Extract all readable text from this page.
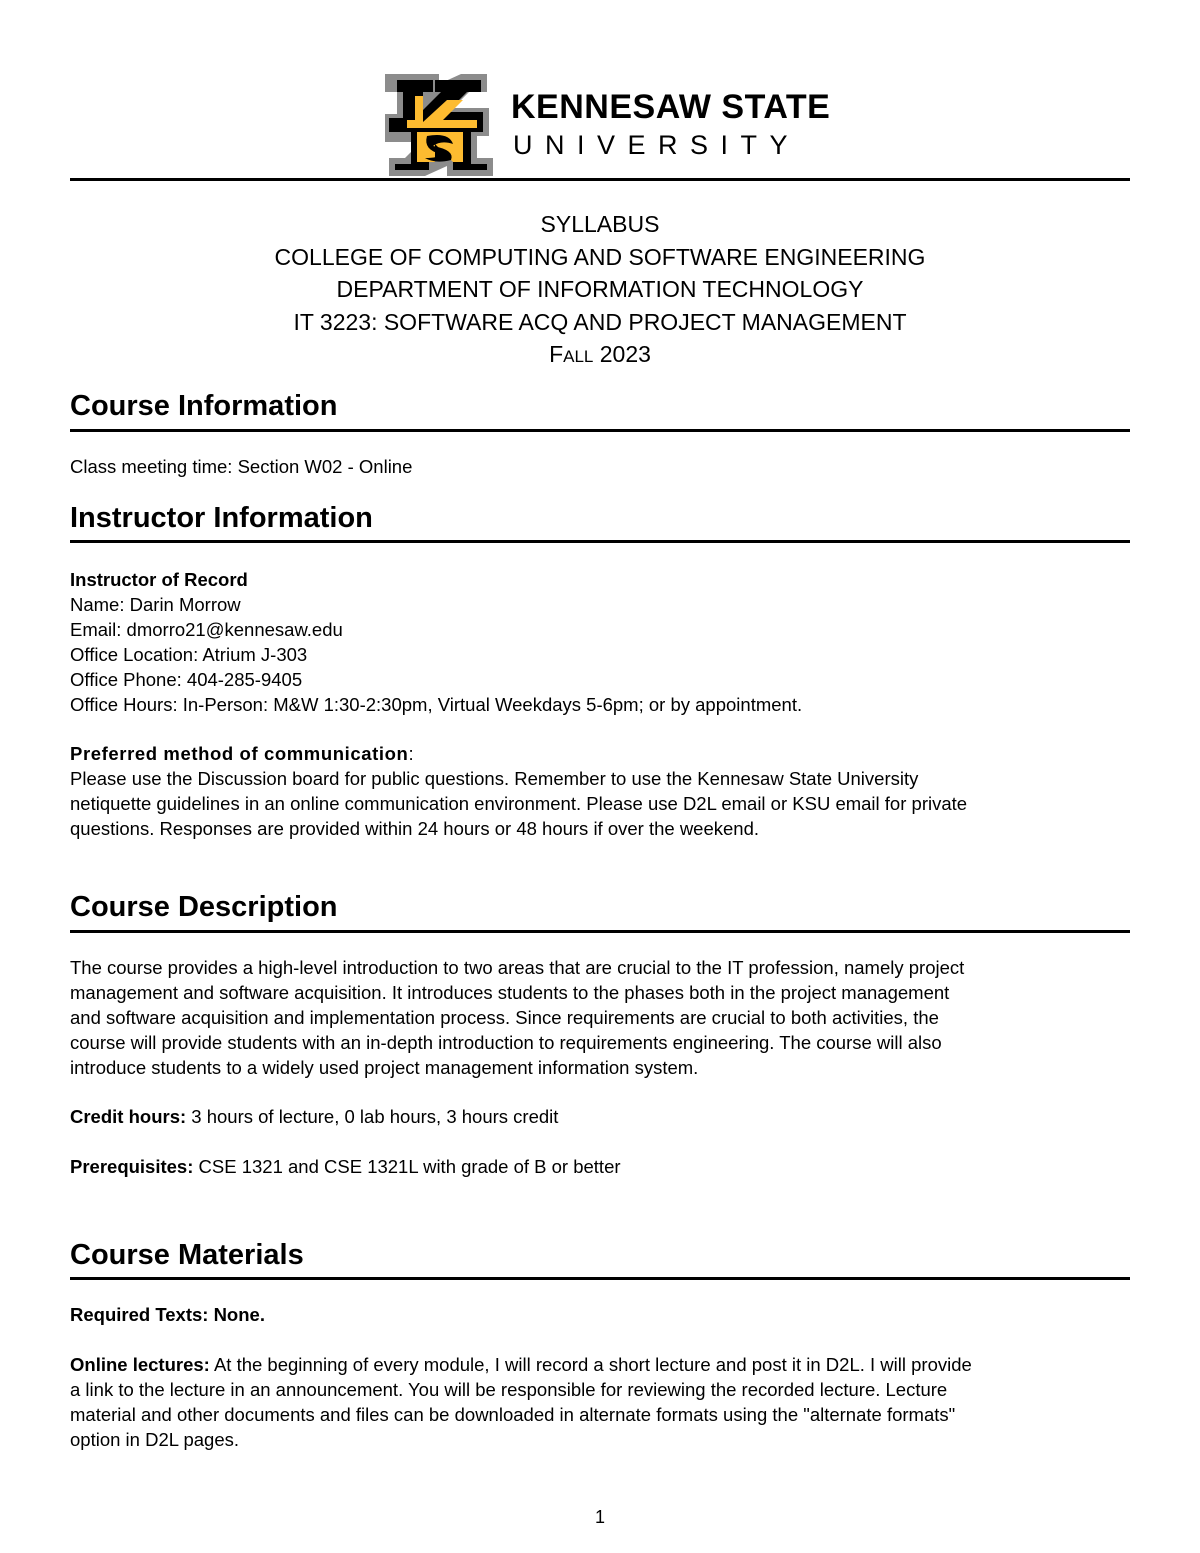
KENNESAW STATE
UNIVERSITY
SYLLABUS
COLLEGE OF COMPUTING AND SOFTWARE ENGINEERING
DEPARTMENT OF INFORMATION TECHNOLOGY
IT 3223: SOFTWARE ACQ AND PROJECT MANAGEMENT
FALL 2023
Course Information
Class meeting time: Section W02 - Online
Instructor Information
Instructor of Record
Name: Darin Morrow
Email: dmorro21@kennesaw.edu
Office Location: Atrium J-303
Office Phone: 404-285-9405
Office Hours: In-Person: M&W 1:30-2:30pm, Virtual Weekdays 5-6pm; or by appointment.
Preferred method of communication:
Please use the Discussion board for public questions. Remember to use the Kennesaw State University
netiquette guidelines in an online communication environment. Please use D2L email or KSU email for private
questions. Responses are provided within 24 hours or 48 hours if over the weekend.
Course Description
The course provides a high-level introduction to two areas that are crucial to the IT profession, namely project
management and software acquisition. It introduces students to the phases both in the project management
and software acquisition and implementation process. Since requirements are crucial to both activities, the
course will provide students with an in-depth introduction to requirements engineering. The course will also
introduce students to a widely used project management information system.
Credit hours: 3 hours of lecture, 0 lab hours, 3 hours credit
Prerequisites: CSE 1321 and CSE 1321L with grade of B or better
Course Materials
Required Texts: None.
Online lectures: At the beginning of every module, I will record a short lecture and post it in D2L. I will provide
a link to the lecture in an announcement. You will be responsible for reviewing the recorded lecture. Lecture
material and other documents and files can be downloaded in alternate formats using the "alternate formats"
option in D2L pages.
1
